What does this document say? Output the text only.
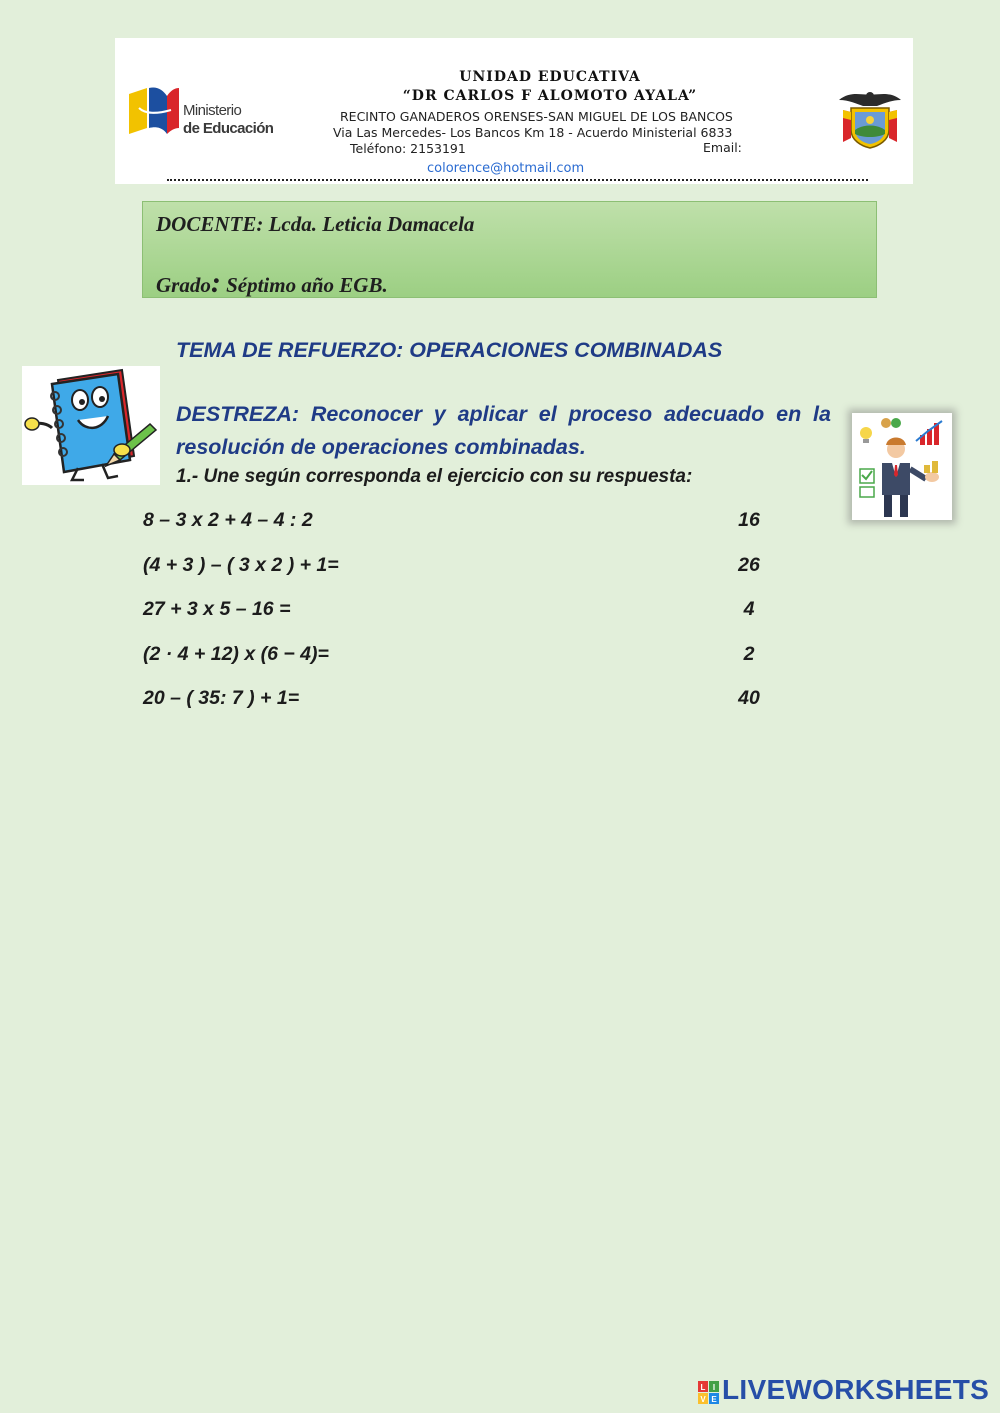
Ministerio
de Educación
UNIDAD EDUCATIVA
“DR CARLOS F ALOMOTO AYALA”
RECINTO GANADEROS ORENSES-SAN MIGUEL DE LOS BANCOS
Via Las Mercedes- Los Bancos Km 18 - Acuerdo Ministerial 6833
Teléfono: 2153191	Email:
colorence@hotmail.com
DOCENTE: Lcda. Leticia Damacela
Grado: Séptimo año EGB.
TEMA DE REFUERZO: OPERACIONES COMBINADAS
DESTREZA: Reconocer y aplicar el proceso adecuado en la resolución de operaciones combinadas.
1.- Une según corresponda el ejercicio con su respuesta:
8 – 3 x 2 + 4 – 4 : 2	16
(4 + 3 ) – ( 3 x 2 ) + 1=	26
27 + 3 x 5 – 16 =	4
(2 · 4 + 12) x (6 − 4)=	2
20 – ( 35: 7 ) + 1=	40
L I
V E LIVEWORKSHEETS
